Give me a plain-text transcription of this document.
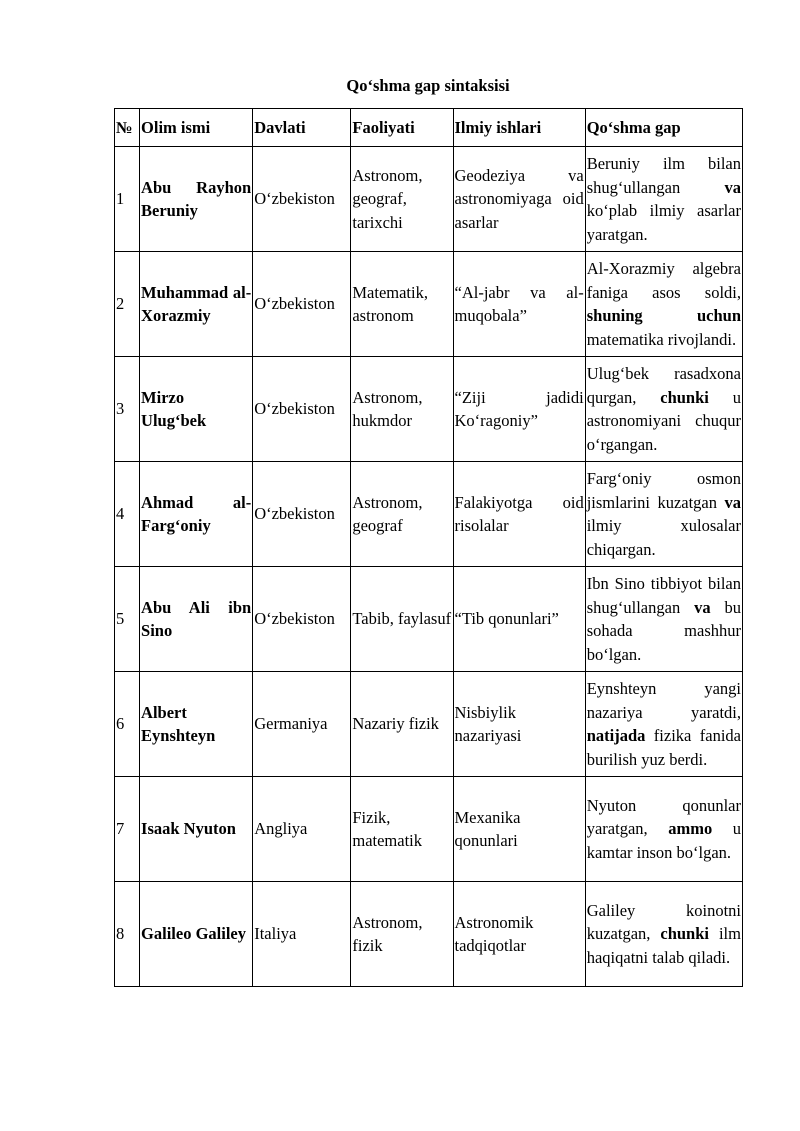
Qo‘shma gap sintaksisi
№	Olim ismi	Davlati	Faoliyati	Ilmiy ishlari	Qo‘shma gap
1	Abu Rayhon Beruniy	O‘zbekiston	Astronom, geograf, tarixchi	Geodeziya va astronomiyaga oid asarlar	Beruniy ilm bilan shug‘ullangan va ko‘plab ilmiy asarlar yaratgan.
2	Muhammad al-Xorazmiy	O‘zbekiston	Matematik, astronom	“Al-jabr va al-muqobala”	Al-Xorazmiy algebra faniga asos soldi, shuning uchun matematika rivojlandi.
3	Mirzo Ulug‘bek	O‘zbekiston	Astronom, hukmdor	“Ziji jadidi Ko‘ragoniy”	Ulug‘bek rasadxona qurgan, chunki u astronomiyani chuqur o‘rgangan.
4	Ahmad al-Farg‘oniy	O‘zbekiston	Astronom, geograf	Falakiyotga oid risolalar	Farg‘oniy osmon jismlarini kuzatgan va ilmiy xulosalar chiqargan.
5	Abu Ali ibn Sino	O‘zbekiston	Tabib, faylasuf	“Tib qonunlari”	Ibn Sino tibbiyot bilan shug‘ullangan va bu sohada mashhur bo‘lgan.
6	Albert Eynshteyn	Germaniya	Nazariy fizik	Nisbiylik nazariyasi	Eynshteyn yangi nazariya yaratdi, natijada fizika fanida burilish yuz berdi.
7	Isaak Nyuton	Angliya	Fizik, matematik	Mexanika qonunlari	Nyuton qonunlar yaratgan, ammo u kamtar inson bo‘lgan.
8	Galileo Galiley	Italiya	Astronom, fizik	Astronomik tadqiqotlar	Galiley koinotni kuzatgan, chunki ilm haqiqatni talab qiladi.
